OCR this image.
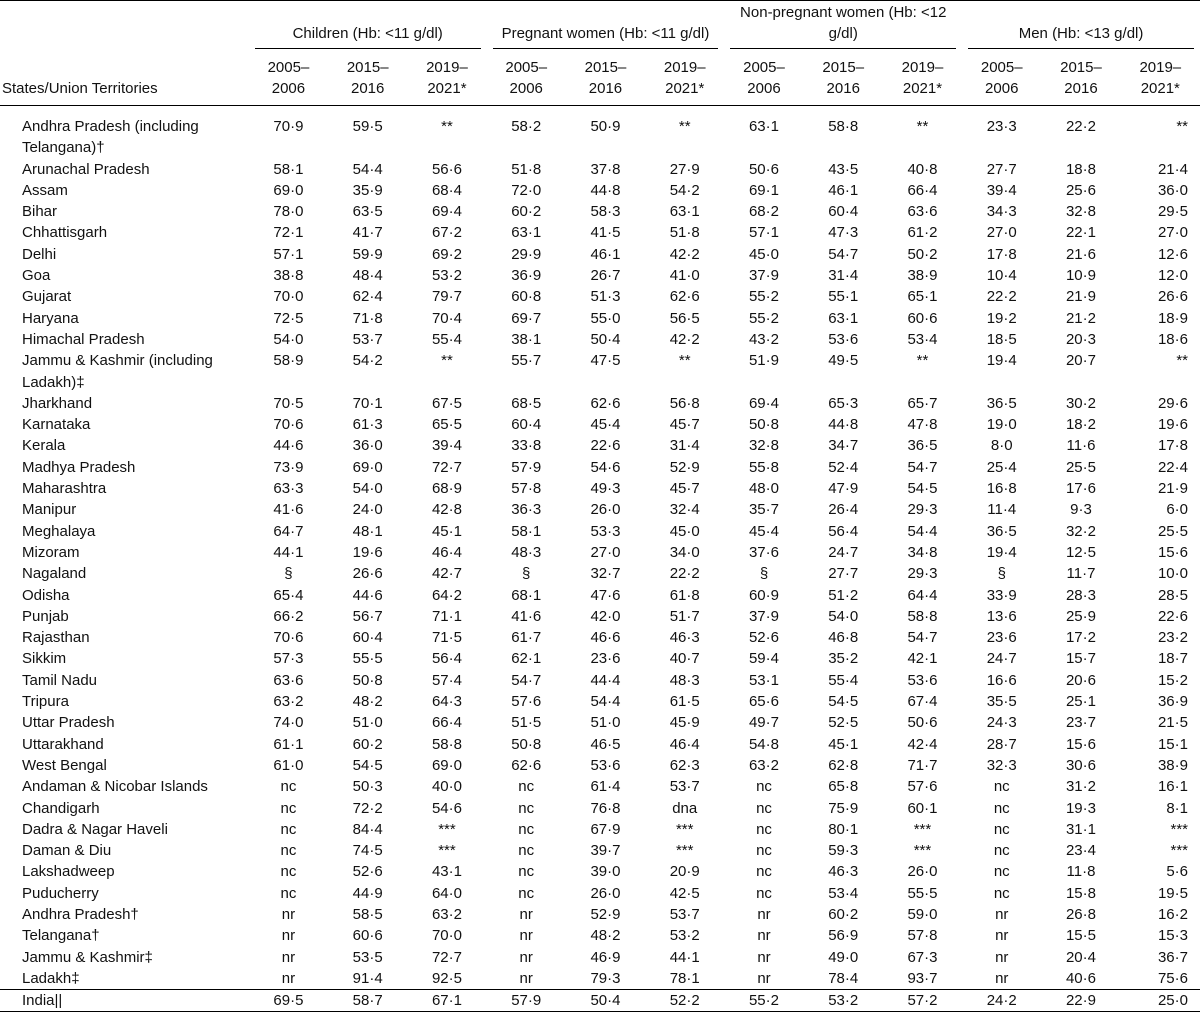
	Children (Hb: <11 g/dl)			Pregnant women (Hb: <11 g/dl)			Non-pregnant women (Hb: <12 g/dl)			Men (Hb: <13 g/dl)		

States/Union Territories	2005–2006	2015–2016	2019–2021*	2005–2006	2015–2016	2019–2021*	2005–2006	2015–2016	2019–2021*	2005–2006	2015–2016	2019–2021*

Andhra Pradesh (including Telangana)†	70·9	59·5	**	58·2	50·9	**	63·1	58·8	**	23·3	22·2	**

Arunachal Pradesh	58·1	54·4	56·6	51·8	37·8	27·9	50·6	43·5	40·8	27·7	18·8	21·4

Assam	69·0	35·9	68·4	72·0	44·8	54·2	69·1	46·1	66·4	39·4	25·6	36·0

Bihar	78·0	63·5	69·4	60·2	58·3	63·1	68·2	60·4	63·6	34·3	32·8	29·5

Chhattisgarh	72·1	41·7	67·2	63·1	41·5	51·8	57·1	47·3	61·2	27·0	22·1	27·0

Delhi	57·1	59·9	69·2	29·9	46·1	42·2	45·0	54·7	50·2	17·8	21·6	12·6

Goa	38·8	48·4	53·2	36·9	26·7	41·0	37·9	31·4	38·9	10·4	10·9	12·0

Gujarat	70·0	62·4	79·7	60·8	51·3	62·6	55·2	55·1	65·1	22·2	21·9	26·6

Haryana	72·5	71·8	70·4	69·7	55·0	56·5	55·2	63·1	60·6	19·2	21·2	18·9

Himachal Pradesh	54·0	53·7	55·4	38·1	50·4	42·2	43·2	53·6	53·4	18·5	20·3	18·6

Jammu & Kashmir (including Ladakh)‡	58·9	54·2	**	55·7	47·5	**	51·9	49·5	**	19·4	20·7	**

Jharkhand	70·5	70·1	67·5	68·5	62·6	56·8	69·4	65·3	65·7	36·5	30·2	29·6

Karnataka	70·6	61·3	65·5	60·4	45·4	45·7	50·8	44·8	47·8	19·0	18·2	19·6

Kerala	44·6	36·0	39·4	33·8	22·6	31·4	32·8	34·7	36·5	8·0	11·6	17·8

Madhya Pradesh	73·9	69·0	72·7	57·9	54·6	52·9	55·8	52·4	54·7	25·4	25·5	22·4

Maharashtra	63·3	54·0	68·9	57·8	49·3	45·7	48·0	47·9	54·5	16·8	17·6	21·9

Manipur	41·6	24·0	42·8	36·3	26·0	32·4	35·7	26·4	29·3	11·4	9·3	6·0

Meghalaya	64·7	48·1	45·1	58·1	53·3	45·0	45·4	56·4	54·4	36·5	32·2	25·5

Mizoram	44·1	19·6	46·4	48·3	27·0	34·0	37·6	24·7	34·8	19·4	12·5	15·6

Nagaland	§	26·6	42·7	§	32·7	22·2	§	27·7	29·3	§	11·7	10·0

Odisha	65·4	44·6	64·2	68·1	47·6	61·8	60·9	51·2	64·4	33·9	28·3	28·5

Punjab	66·2	56·7	71·1	41·6	42·0	51·7	37·9	54·0	58·8	13·6	25·9	22·6

Rajasthan	70·6	60·4	71·5	61·7	46·6	46·3	52·6	46·8	54·7	23·6	17·2	23·2

Sikkim	57·3	55·5	56·4	62·1	23·6	40·7	59·4	35·2	42·1	24·7	15·7	18·7

Tamil Nadu	63·6	50·8	57·4	54·7	44·4	48·3	53·1	55·4	53·6	16·6	20·6	15·2

Tripura	63·2	48·2	64·3	57·6	54·4	61·5	65·6	54·5	67·4	35·5	25·1	36·9

Uttar Pradesh	74·0	51·0	66·4	51·5	51·0	45·9	49·7	52·5	50·6	24·3	23·7	21·5

Uttarakhand	61·1	60·2	58·8	50·8	46·5	46·4	54·8	45·1	42·4	28·7	15·6	15·1

West Bengal	61·0	54·5	69·0	62·6	53·6	62·3	63·2	62·8	71·7	32·3	30·6	38·9

Andaman & Nicobar Islands	nc	50·3	40·0	nc	61·4	53·7	nc	65·8	57·6	nc	31·2	16·1

Chandigarh	nc	72·2	54·6	nc	76·8	dna	nc	75·9	60·1	nc	19·3	8·1

Dadra & Nagar Haveli	nc	84·4	***	nc	67·9	***	nc	80·1	***	nc	31·1	***

Daman & Diu	nc	74·5	***	nc	39·7	***	nc	59·3	***	nc	23·4	***

Lakshadweep	nc	52·6	43·1	nc	39·0	20·9	nc	46·3	26·0	nc	11·8	5·6

Puducherry	nc	44·9	64·0	nc	26·0	42·5	nc	53·4	55·5	nc	15·8	19·5

Andhra Pradesh†	nr	58·5	63·2	nr	52·9	53·7	nr	60·2	59·0	nr	26·8	16·2

Telangana†	nr	60·6	70·0	nr	48·2	53·2	nr	56·9	57·8	nr	15·5	15·3

Jammu & Kashmir‡	nr	53·5	72·7	nr	46·9	44·1	nr	49·0	67·3	nr	20·4	36·7

Ladakh‡	nr	91·4	92·5	nr	79·3	78·1	nr	78·4	93·7	nr	40·6	75·6

India||	69·5	58·7	67·1	57·9	50·4	52·2	55·2	53·2	57·2	24·2	22·9	25·0
